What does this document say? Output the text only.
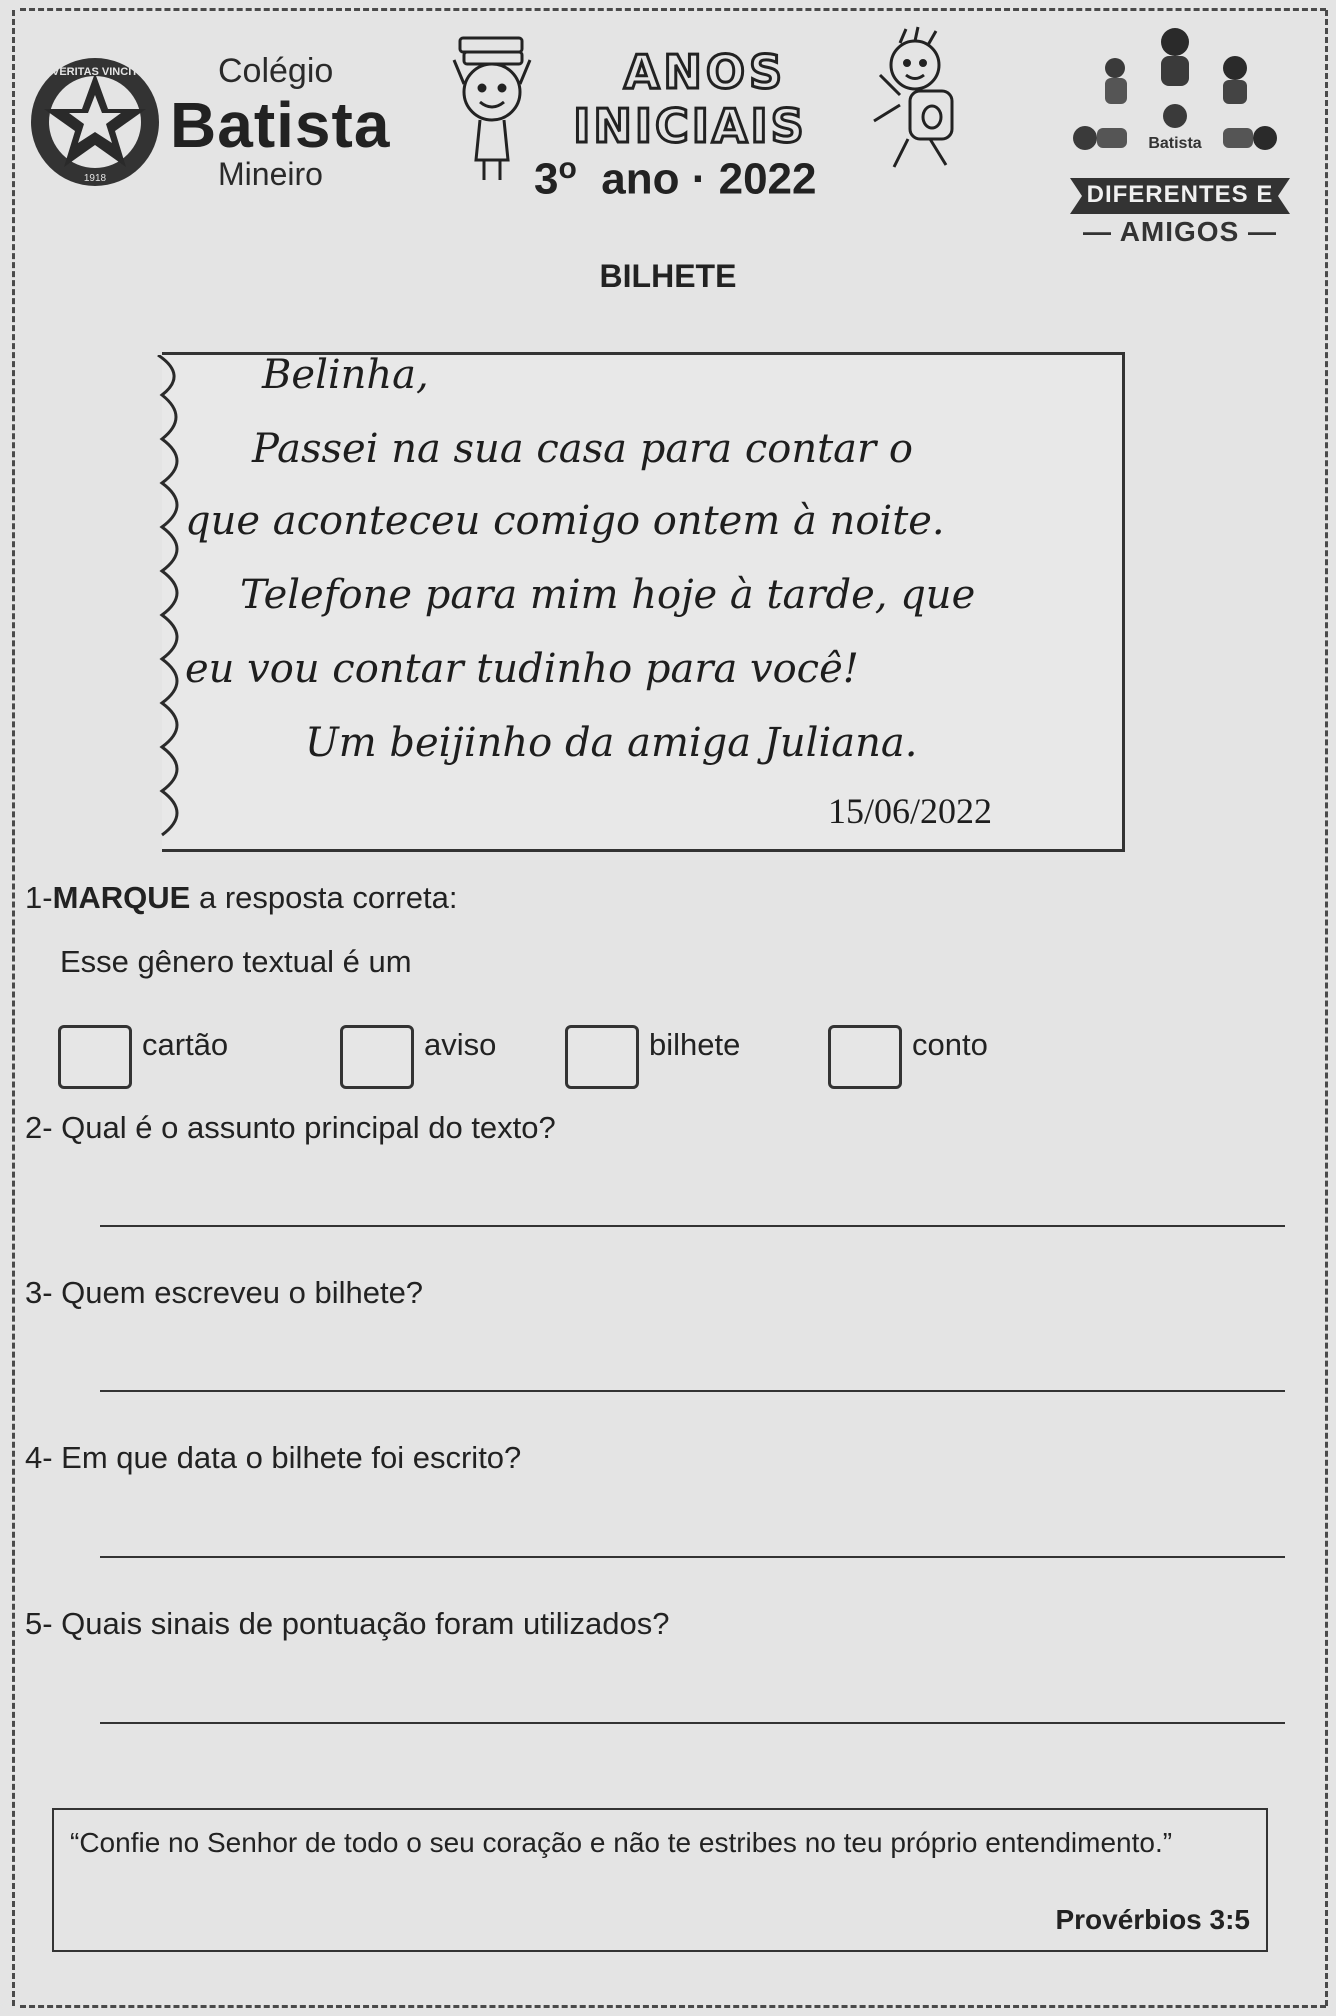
VERITAS VINCIT
1918
Colégio
Batista
Mineiro
ANOS
INICIAIS
3$^o$ ano · 2022
Batista
DIFERENTES E
— AMIGOS —
BILHETE
Belinha,
Passei na sua casa para contar o
que aconteceu comigo ontem à noite.
Telefone para mim hoje à tarde, que
eu vou contar tudinho para você!
Um beijinho da amiga Juliana.
15/06/2022
1-MARQUE a resposta correta:
Esse gênero textual é um
cartão	aviso	bilhete	conto
2- Qual é o assunto principal do texto?
3- Quem escreveu o bilhete?
4- Em que data o bilhete foi escrito?
5- Quais sinais de pontuação foram utilizados?
“Confie no Senhor de todo o seu coração e não te estribes no teu próprio entendimento.”
Provérbios 3:5
